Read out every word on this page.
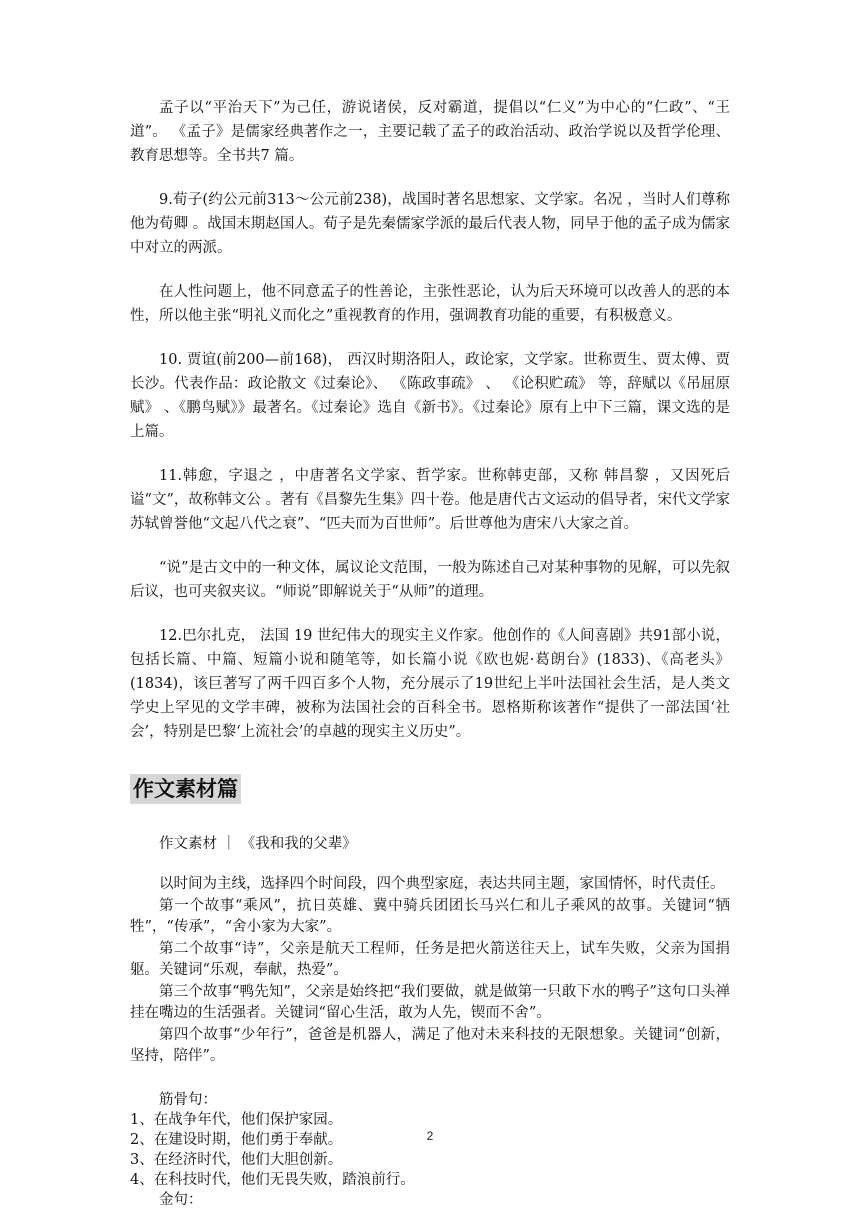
孟子以“平治天下”为己任，游说诸侯，反对霸道，提倡以“仁义”为中心的“仁政”、“王道”。 《孟子》是儒家经典著作之一，主要记载了孟子的政治活动、政治学说以及哲学伦理、教育思想等。全书共7 篇。

9.荀子(约公元前313～公元前238)，战国时著名思想家、文学家。名况 ，当时人们尊称他为荀卿 。战国末期赵国人。荀子是先秦儒家学派的最后代表人物，同早于他的孟子成为儒家中对立的两派。

在人性问题上，他不同意孟子的性善论，主张性恶论，认为后天环境可以改善人的恶的本性，所以他主张“明礼义而化之”重视教育的作用，强调教育功能的重要，有积极意义。

10. 贾谊(前200—前168)， 西汉时期洛阳人，政论家，文学家。世称贾生、贾太傅、贾长沙。代表作品：政论散文《过秦论》、 《陈政事疏》 、 《论积贮疏》 等，辞赋以《吊屈原赋》 、《鹏鸟赋》》最著名。《过秦论》选自《新书》。《过秦论》原有上中下三篇，课文选的是上篇。

11.韩愈，字退之 ，中唐著名文学家、哲学家。世称韩吏部，又称 韩昌黎 ，又因死后谥“文”，故称韩文公 。著有《昌黎先生集》四十卷。他是唐代古文运动的倡导者，宋代文学家苏轼曾誉他“文起八代之衰”、“匹夫而为百世师”。后世尊他为唐宋八大家之首。

“说”是古文中的一种文体，属议论文范围，一般为陈述自己对某种事物的见解，可以先叙后议，也可夹叙夹议。“师说”即解说关于“从师”的道理。

12.巴尔扎克， 法国 19 世纪伟大的现实主义作家。他创作的《人间喜剧》共91部小说，包括长篇、中篇、短篇小说和随笔等，如长篇小说《欧也妮·葛朗台》(1833)、《高老头》(1834)，该巨著写了两千四百多个人物，充分展示了19世纪上半叶法国社会生活，是人类文学史上罕见的文学丰碑，被称为法国社会的百科全书。恩格斯称该著作“提供了一部法国‘社会’，特别是巴黎‘上流社会’的卓越的现实主义历史”。

作文素材篇

作文素材 ｜ 《我和我的父辈》

以时间为主线，选择四个时间段，四个典型家庭，表达共同主题，家国情怀，时代责任。

第一个故事“乘风”，抗日英雄、冀中骑兵团团长马兴仁和儿子乘风的故事。关键词“牺牲”，“传承”，“舍小家为大家”。

第二个故事“诗”，父亲是航天工程师，任务是把火箭送往天上，试车失败，父亲为国捐躯。关键词“乐观，奉献，热爱”。

第三个故事“鸭先知”，父亲是始终把“我们要做，就是做第一只敢下水的鸭子”这句口头禅挂在嘴边的生活强者。关键词“留心生活，敢为人先，锲而不舍”。

第四个故事“少年行”，爸爸是机器人，满足了他对未来科技的无限想象。关键词“创新，坚持，陪伴”。

筋骨句：

1、在战争年代，他们保护家园。

2、在建设时期，他们勇于奉献。

3、在经济时代，他们大胆创新。

4、在科技时代，他们无畏失败，踏浪前行。

金句：

2
